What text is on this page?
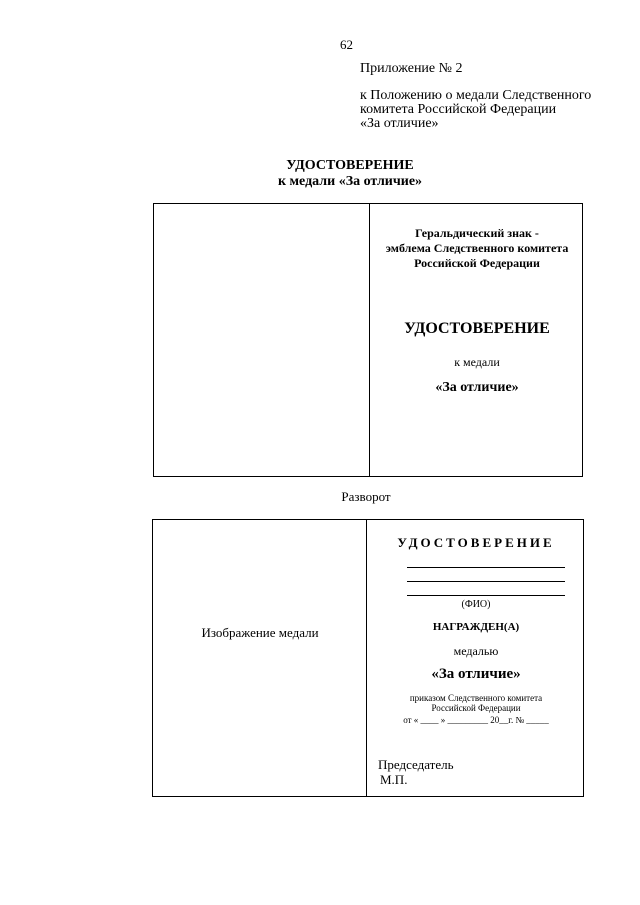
62
Приложение № 2
к Положению о медали Следственного
комитета Российской Федерации
«За отличие»
УДОСТОВЕРЕНИЕ
к медали «За отличие»
Геральдический знак -
эмблема Следственного комитета
Российской Федерации
УДОСТОВЕРЕНИЕ
к медали
«За отличие»
Разворот
Изображение медали
УДОСТОВЕРЕНИЕ
(ФИО)
НАГРАЖДЕН(А)
медалью
«За отличие»
приказом Следственного комитета
Российской Федерации
от « ____ » _________ 20__г. № _____
Председатель
М.П.
